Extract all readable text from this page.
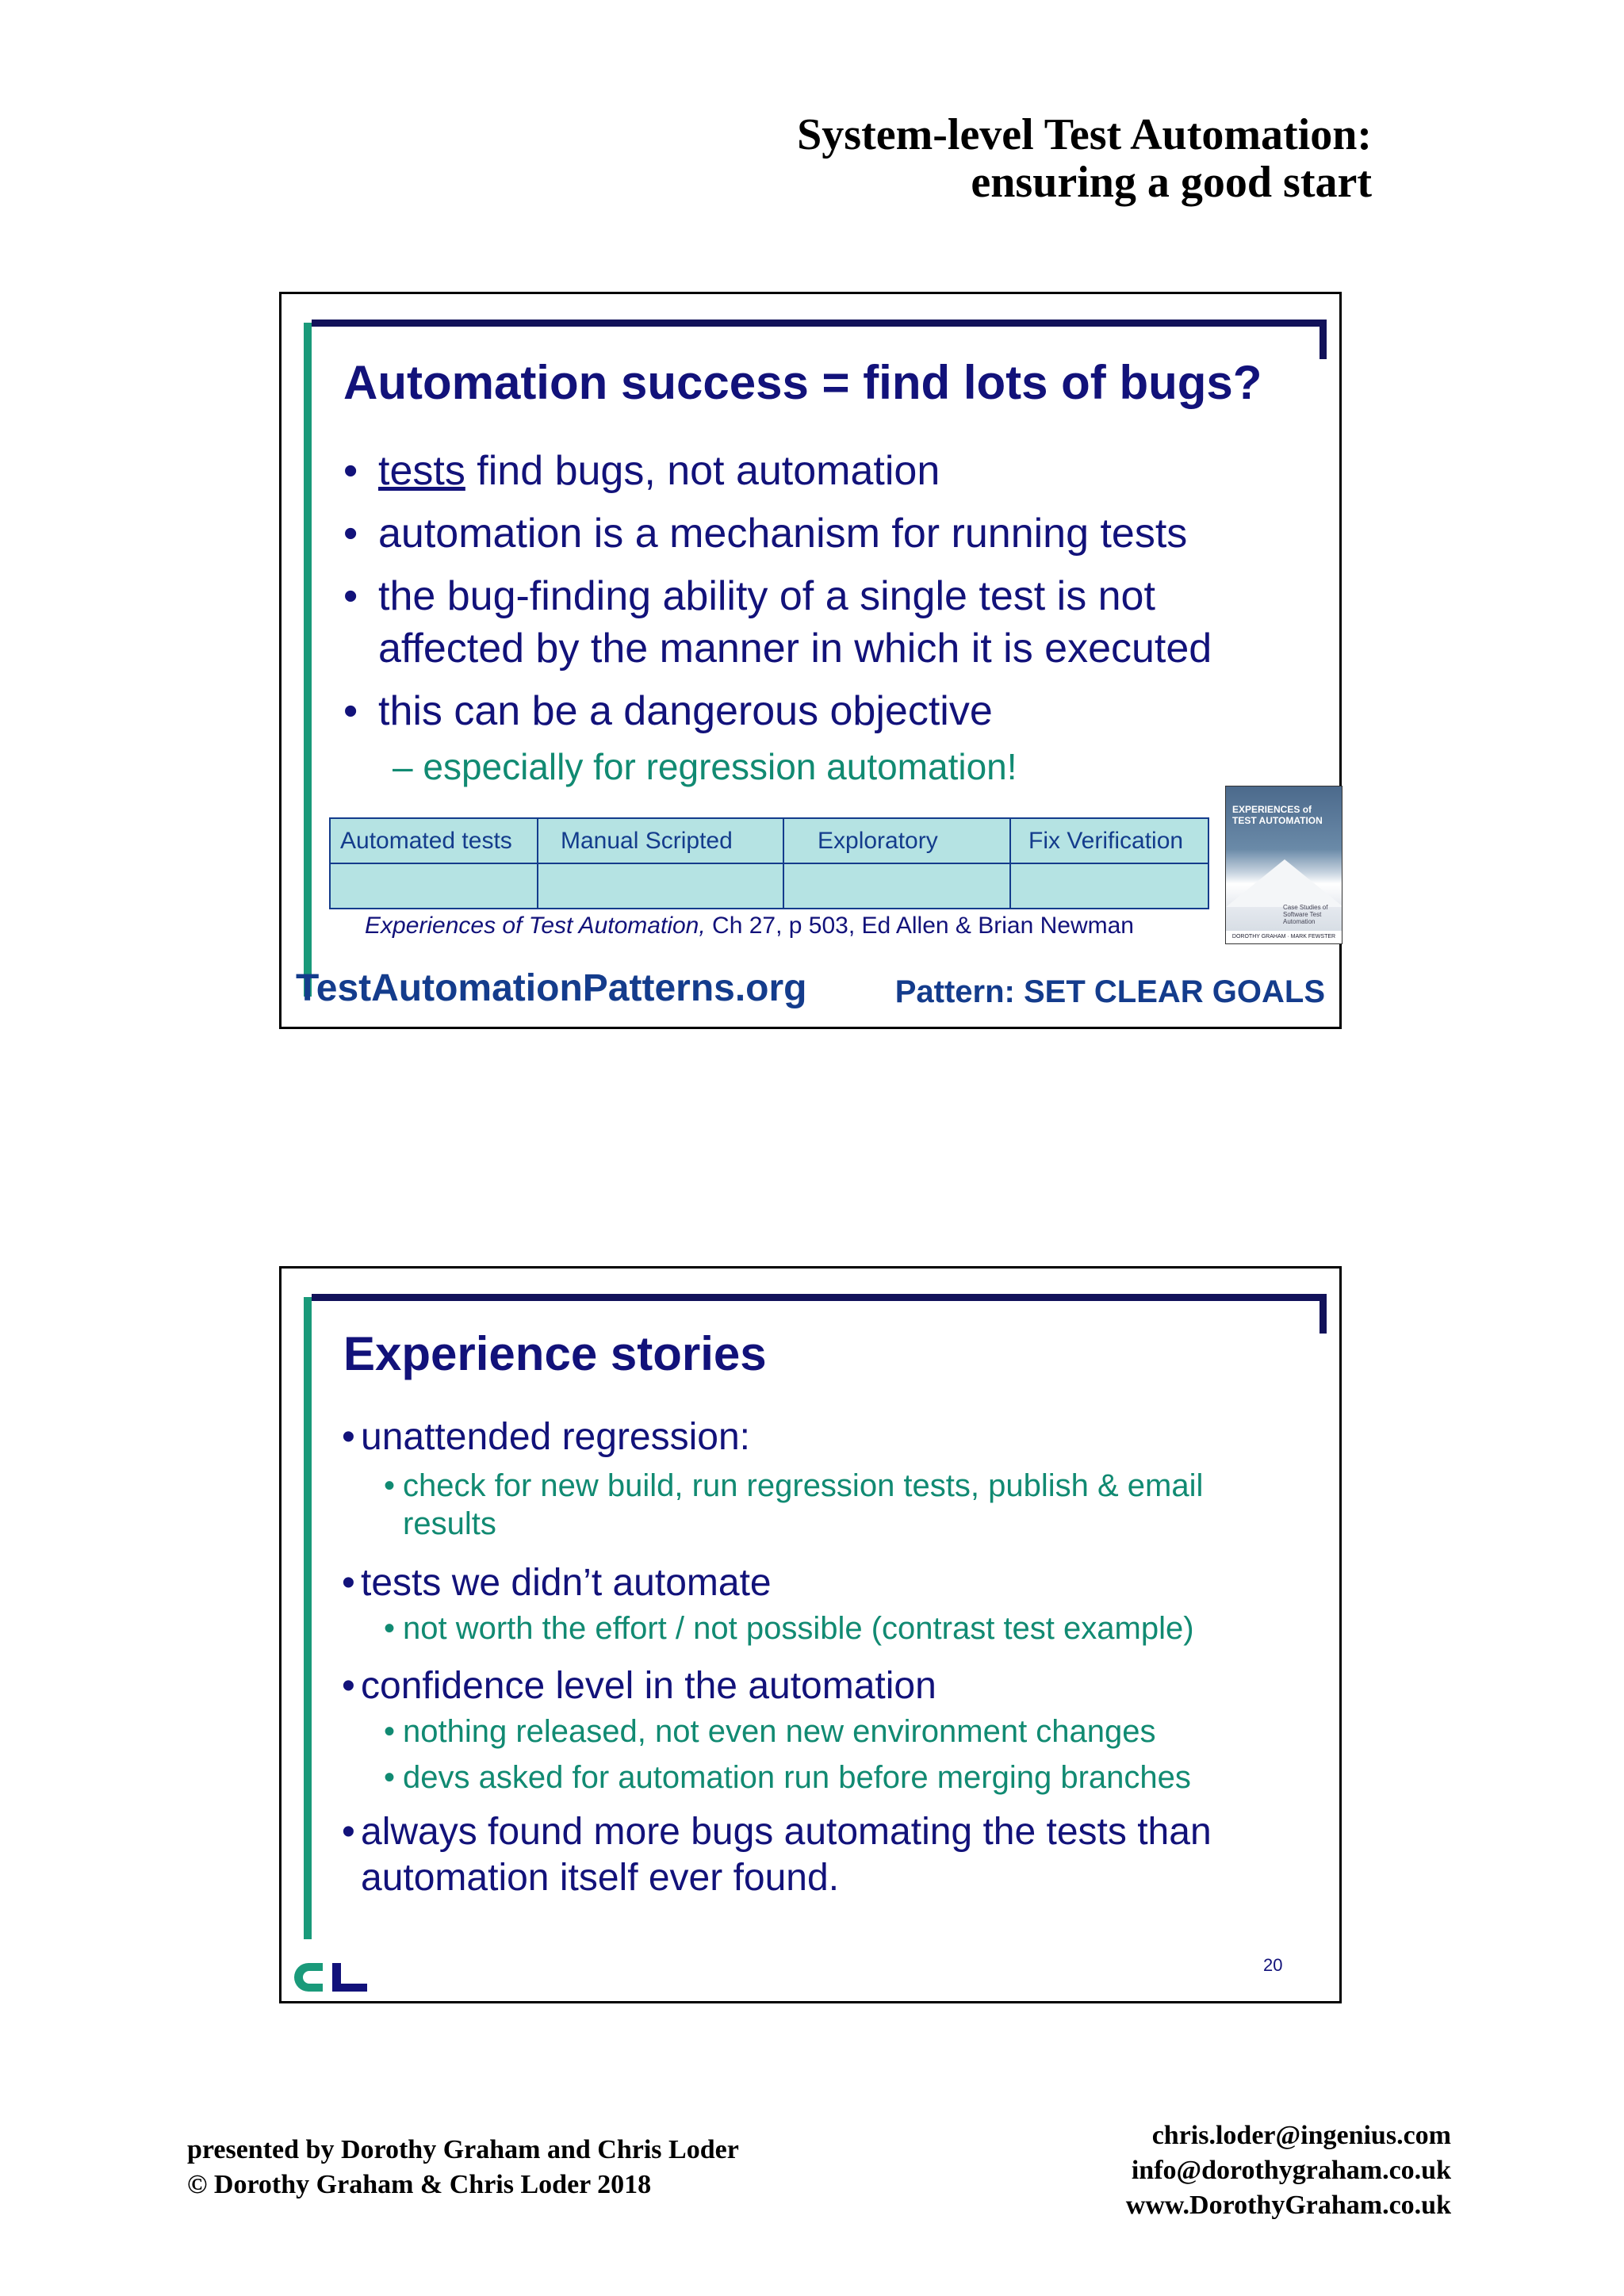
System-level Test Automation:
ensuring a good start
Automation success = find lots of bugs?
• tests find bugs, not automation
• automation is a mechanism for running tests
• the bug-finding ability of a single test is not
affected by the manner in which it is executed
• this can be a dangerous objective
– especially for regression automation!
Automated tests	Manual Scripted	Exploratory	Fix Verification

EXPERIENCES of TEST AUTOMATION
Case Studies of Software Test Automation
DOROTHY GRAHAM · MARK FEWSTER
Experiences of Test Automation, Ch 27, p 503, Ed Allen & Brian Newman
TestAutomationPatterns.org	Pattern: SET CLEAR GOALS
Experience stories
• unattended regression:
• check for new build, run regression tests, publish & email
results
• tests we didn’t automate
• not worth the effort / not possible (contrast test example)
• confidence level in the automation
• nothing released, not even new environment changes
• devs asked for automation run before merging branches
• always found more bugs automating the tests than
automation itself ever found.
20
presented by Dorothy Graham and Chris Loder
© Dorothy Graham & Chris Loder 2018
chris.loder@ingenius.com
info@dorothygraham.co.uk
www.DorothyGraham.co.uk
